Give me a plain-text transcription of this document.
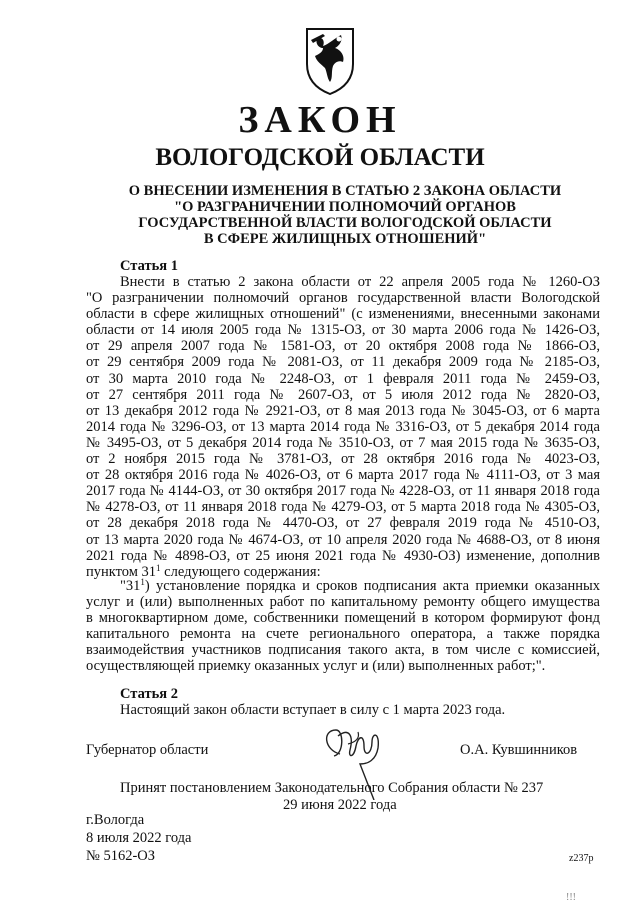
ЗАКОН
ВОЛОГОДСКОЙ ОБЛАСТИ
О ВНЕСЕНИИ ИЗМЕНЕНИЯ В СТАТЬЮ 2 ЗАКОНА ОБЛАСТИ
"О РАЗГРАНИЧЕНИИ ПОЛНОМОЧИЙ ОРГАНОВ
ГОСУДАРСТВЕННОЙ ВЛАСТИ ВОЛОГОДСКОЙ ОБЛАСТИ
В СФЕРЕ ЖИЛИЩНЫХ ОТНОШЕНИЙ"
Статья 1
Внести в статью 2 закона области от 22 апреля 2005 года № 1260-ОЗ
"О разграничении полномочий органов государственной власти Вологодской
области в сфере жилищных отношений" (с изменениями, внесенными законами
области от 14 июля 2005 года № 1315-ОЗ, от 30 марта 2006 года № 1426-ОЗ,
от 29 апреля 2007 года № 1581-ОЗ, от 20 октября 2008 года № 1866-ОЗ,
от 29 сентября 2009 года № 2081-ОЗ, от 11 декабря 2009 года № 2185-ОЗ,
от 30 марта 2010 года № 2248-ОЗ, от 1 февраля 2011 года № 2459-ОЗ,
от 27 сентября 2011 года № 2607-ОЗ, от 5 июля 2012 года № 2820-ОЗ,
от 13 декабря 2012 года № 2921-ОЗ, от 8 мая 2013 года № 3045-ОЗ, от 6 марта
2014 года № 3296-ОЗ, от 13 марта 2014 года № 3316-ОЗ, от 5 декабря 2014 года
№ 3495-ОЗ, от 5 декабря 2014 года № 3510-ОЗ, от 7 мая 2015 года № 3635-ОЗ,
от 2 ноября 2015 года № 3781-ОЗ, от 28 октября 2016 года № 4023-ОЗ,
от 28 октября 2016 года № 4026-ОЗ, от 6 марта 2017 года № 4111-ОЗ, от 3 мая
2017 года № 4144-ОЗ, от 30 октября 2017 года № 4228-ОЗ, от 11 января 2018 года
№ 4278-ОЗ, от 11 января 2018 года № 4279-ОЗ, от 5 марта 2018 года № 4305-ОЗ,
от 28 декабря 2018 года № 4470-ОЗ, от 27 февраля 2019 года № 4510-ОЗ,
от 13 марта 2020 года № 4674-ОЗ, от 10 апреля 2020 года № 4688-ОЗ, от 8 июня
2021 года № 4898-ОЗ, от 25 июня 2021 года № 4930-ОЗ) изменение, дополнив
пунктом $31^1$ следующего содержания:
"$31^1$) установление порядка и сроков подписания акта приемки оказанных
услуг и (или) выполненных работ по капитальному ремонту общего имущества
в многоквартирном доме, собственники помещений в котором формируют фонд
капитального ремонта на счете регионального оператора, а также порядка
взаимодействия участников подписания такого акта, в том числе с комиссией,
осуществляющей приемку оказанных услуг и (или) выполненных работ;".
Статья 2
Настоящий закон области вступает в силу с 1 марта 2023 года.
Губернатор области	О.А. Кувшинников
Принят постановлением Законодательного Собрания области № 237
29 июня 2022 года
г.Вологда
8 июля 2022 года
№ 5162-ОЗ	z237p
!!!
